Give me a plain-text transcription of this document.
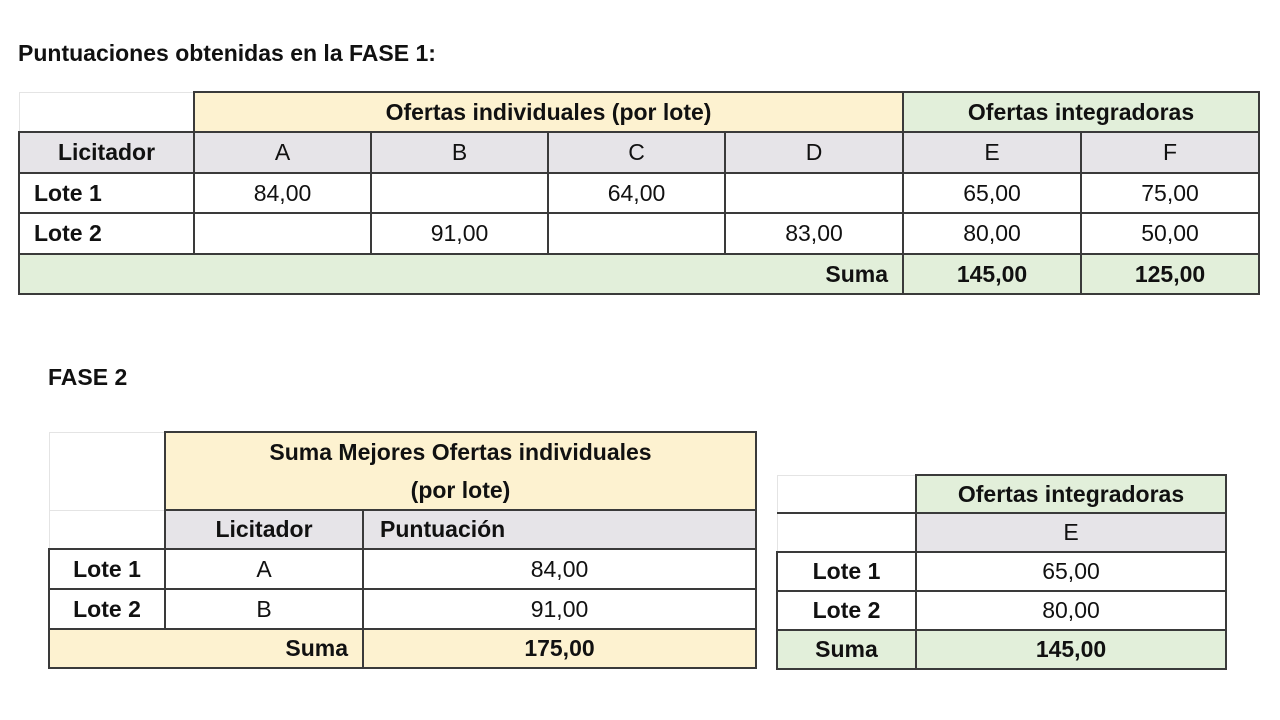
Puntuaciones obtenidas en la FASE 1:
	Ofertas individuales (por lote)				Ofertas integradoras	
Licitador	A	B	C	D	E	F
Lote 1	84,00		64,00		65,00	75,00
Lote 2		91,00		83,00	80,00	50,00
Suma					145,00	125,00
FASE 2

	Suma Mejores Ofertas individuales
(por lote)	

	Licitador	Puntuación
Lote 1	A	84,00
Lote 2	B	91,00
Suma		175,00
	Ofertas integradoras
	E
Lote 1	65,00
Lote 2	80,00
Suma	145,00
